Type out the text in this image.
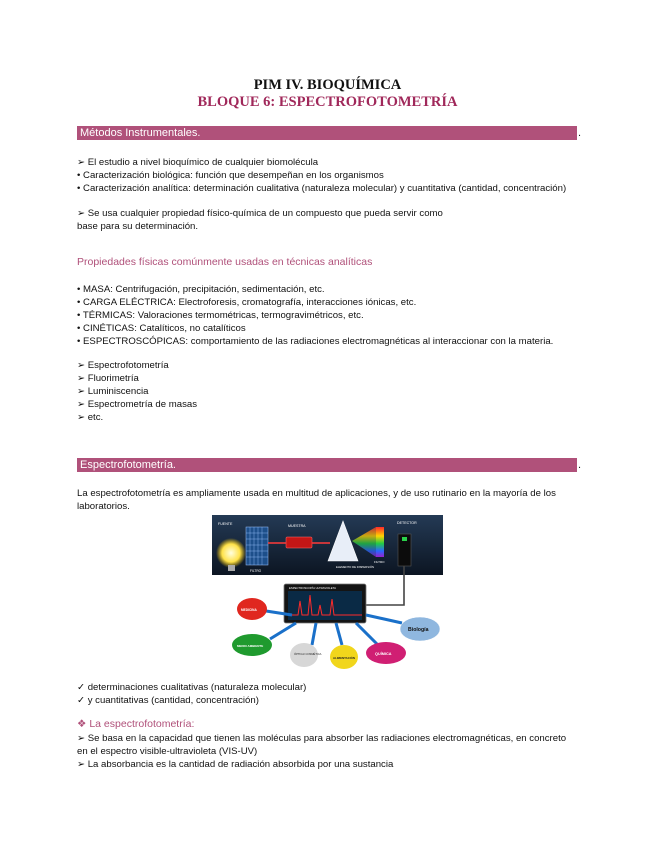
PIM IV. BIOQUÍMICA
BLOQUE 6: ESPECTROFOTOMETRÍA
Métodos Instrumentales.	.
➢ El estudio a nivel bioquímico de cualquier biomolécula
• Caracterización biológica: función que desempeñan en los organismos
• Caracterización analítica: determinación cualitativa (naturaleza molecular) y cuantitativa (cantidad, concentración)
➢ Se usa cualquier propiedad físico-química de un compuesto que pueda servir como
base para su determinación.
Propiedades físicas comúnmente usadas en técnicas analíticas
• MASA: Centrifugación, precipitación, sedimentación, etc.
• CARGA ELÉCTRICA: Electroforesis, cromatografía, interacciones iónicas, etc.
• TÉRMICAS: Valoraciones termométricas, termogravimétricos, etc.
• CINÉTICAS: Catalíticos, no catalíticos
• ESPECTROSCÓPICAS: comportamiento de las radiaciones electromagnéticas al interaccionar con la materia.
➢ Espectrofotometría
➢ Fluorimetría
➢ Luminiscencia
➢ Espectrometría de masas
➢ etc.
Espectrofotometría.	.
La espectrofotometría es ampliamente usada en multitud de aplicaciones, y de uso rutinario en la mayoría de los
laboratorios.
FUENTE
FILTRO
MUESTRA
ELEMENTO DE DISPERSIÓN
FILTRO
DETECTOR
ESPECTROSCOPÍA ULTRAVIOLETA
MEDICINA
MEDIO AMBIENTE
ÓPTICA/ COSMÉTICA
ALIMENTACIÓN
QUÍMICA
Biología
✓ determinaciones cualitativas (naturaleza molecular)
✓ y cuantitativas (cantidad, concentración)
❖ La espectrofotometría:
➢ Se basa en la capacidad que tienen las moléculas para absorber las radiaciones electromagnéticas, en concreto
en el espectro visible-ultravioleta (VIS-UV)
➢ La absorbancia es la cantidad de radiación absorbida por una sustancia
